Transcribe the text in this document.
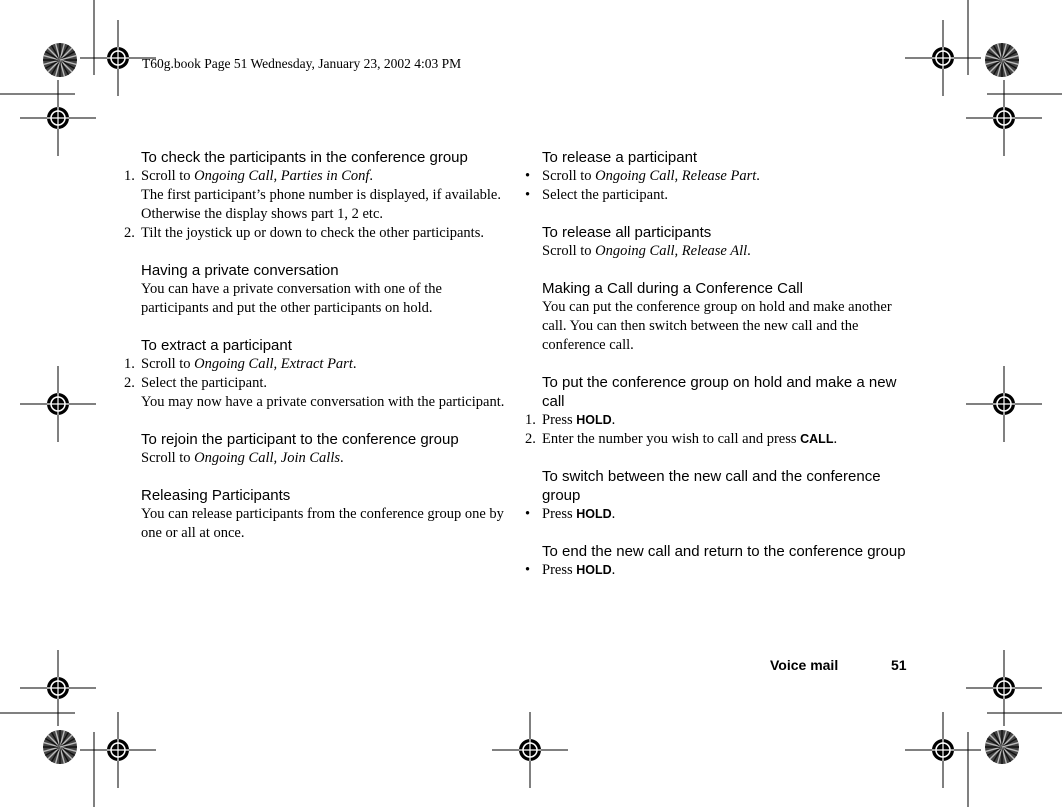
T60g.book Page 51 Wednesday, January 23, 2002 4:03 PM

To check the participants in the conference group

1. Scroll to Ongoing Call, Parties in Conf.
The first participant’s phone number is displayed, if available. Otherwise the display shows part 1, 2 etc.
2. Tilt the joystick up or down to check the other participants.

Having a private conversation

You can have a private conversation with one of the participants and put the other participants on hold.

To extract a participant

1. Scroll to Ongoing Call, Extract Part.
2. Select the participant.
You may now have a private conversation with the participant.

To rejoin the participant to the conference group

Scroll to Ongoing Call, Join Calls.

Releasing Participants

You can release participants from the conference group one by one or all at once.

To release a participant

• Scroll to Ongoing Call, Release Part.
• Select the participant.

To release all participants

Scroll to Ongoing Call, Release All.

Making a Call during a Conference Call

You can put the conference group on hold and make another call. You can then switch between the new call and the conference call.

To put the conference group on hold and make a new call

1. Press HOLD.
2. Enter the number you wish to call and press CALL.

To switch between the new call and the conference group

• Press HOLD.

To end the new call and return to the conference group

• Press HOLD.
Voice mail	51
